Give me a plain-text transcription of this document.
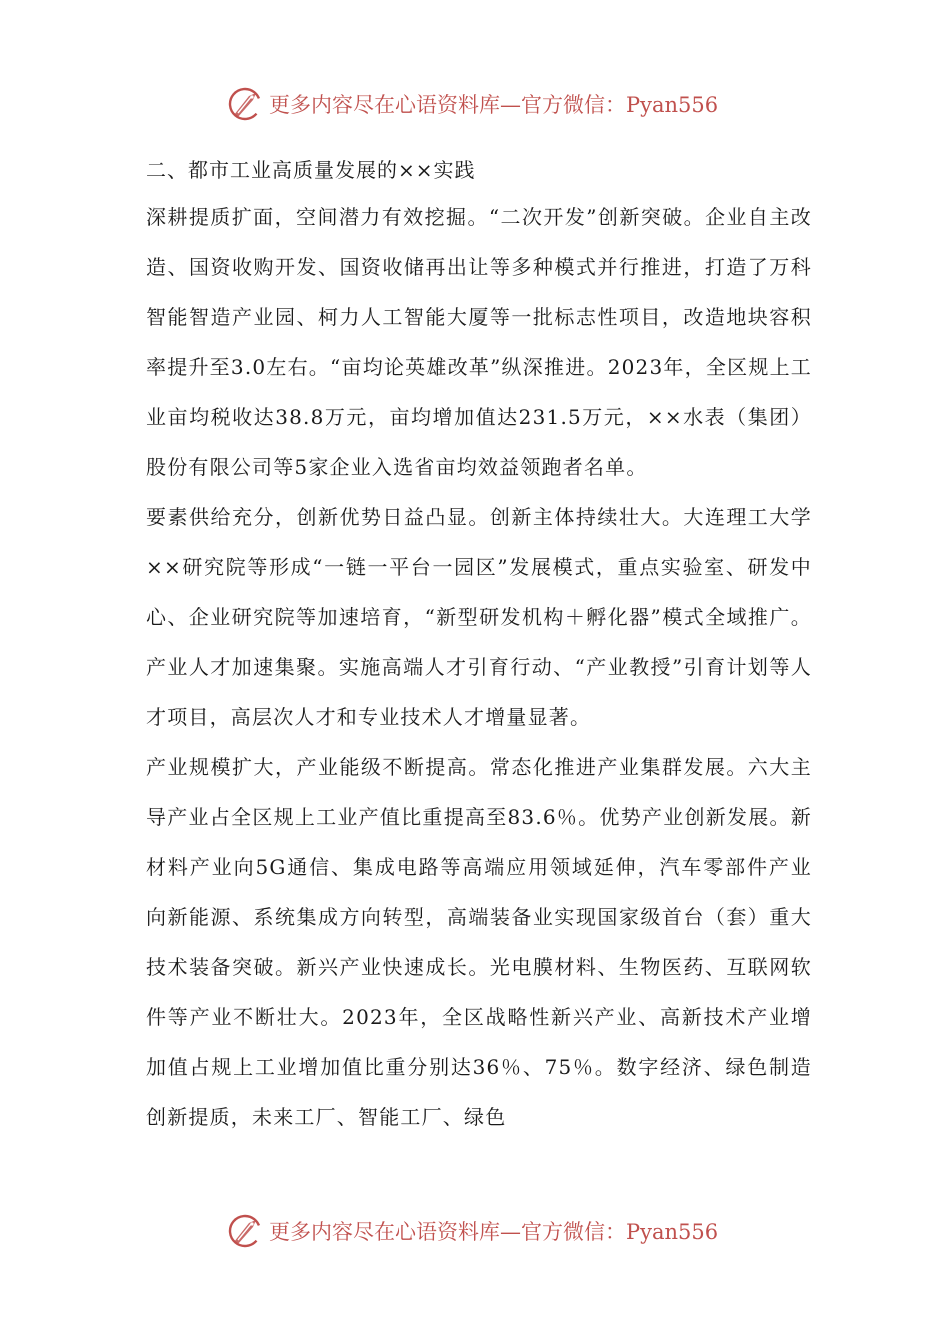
更多内容尽在心语资料库—官方微信：Pyan556
二、都市工业高质量发展的××实践

深耕提质扩面，空间潜力有效挖掘。“二次开发”创新突破。企业自主改造、国资收购开发、国资收储再出让等多种模式并行推进，打造了万科智能智造产业园、柯力人工智能大厦等一批标志性项目，改造地块容积率提升至3.0左右。“亩均论英雄改革”纵深推进。2023年，全区规上工业亩均税收达38.8万元，亩均增加值达231.5万元，××水表（集团）股份有限公司等5家企业入选省亩均效益领跑者名单。

要素供给充分，创新优势日益凸显。创新主体持续壮大。大连理工大学××研究院等形成“一链一平台一园区”发展模式，重点实验室、研发中心、企业研究院等加速培育，“新型研发机构＋孵化器”模式全域推广。产业人才加速集聚。实施高端人才引育行动、“产业教授”引育计划等人才项目，高层次人才和专业技术人才增量显著。

产业规模扩大，产业能级不断提高。常态化推进产业集群发展。六大主导产业占全区规上工业产值比重提高至83.6％。优势产业创新发展。新材料产业向5G通信、集成电路等高端应用领域延伸，汽车零部件产业向新能源、系统集成方向转型，高端装备业实现国家级首台（套）重大技术装备突破。新兴产业快速成长。光电膜材料、生物医药、互联网软件等产业不断壮大。2023年，全区战略性新兴产业、高新技术产业增加值占规上工业增加值比重分别达36％、75％。数字经济、绿色制造创新提质，未来工厂、智能工厂、绿色

更多内容尽在心语资料库—官方微信：Pyan556
